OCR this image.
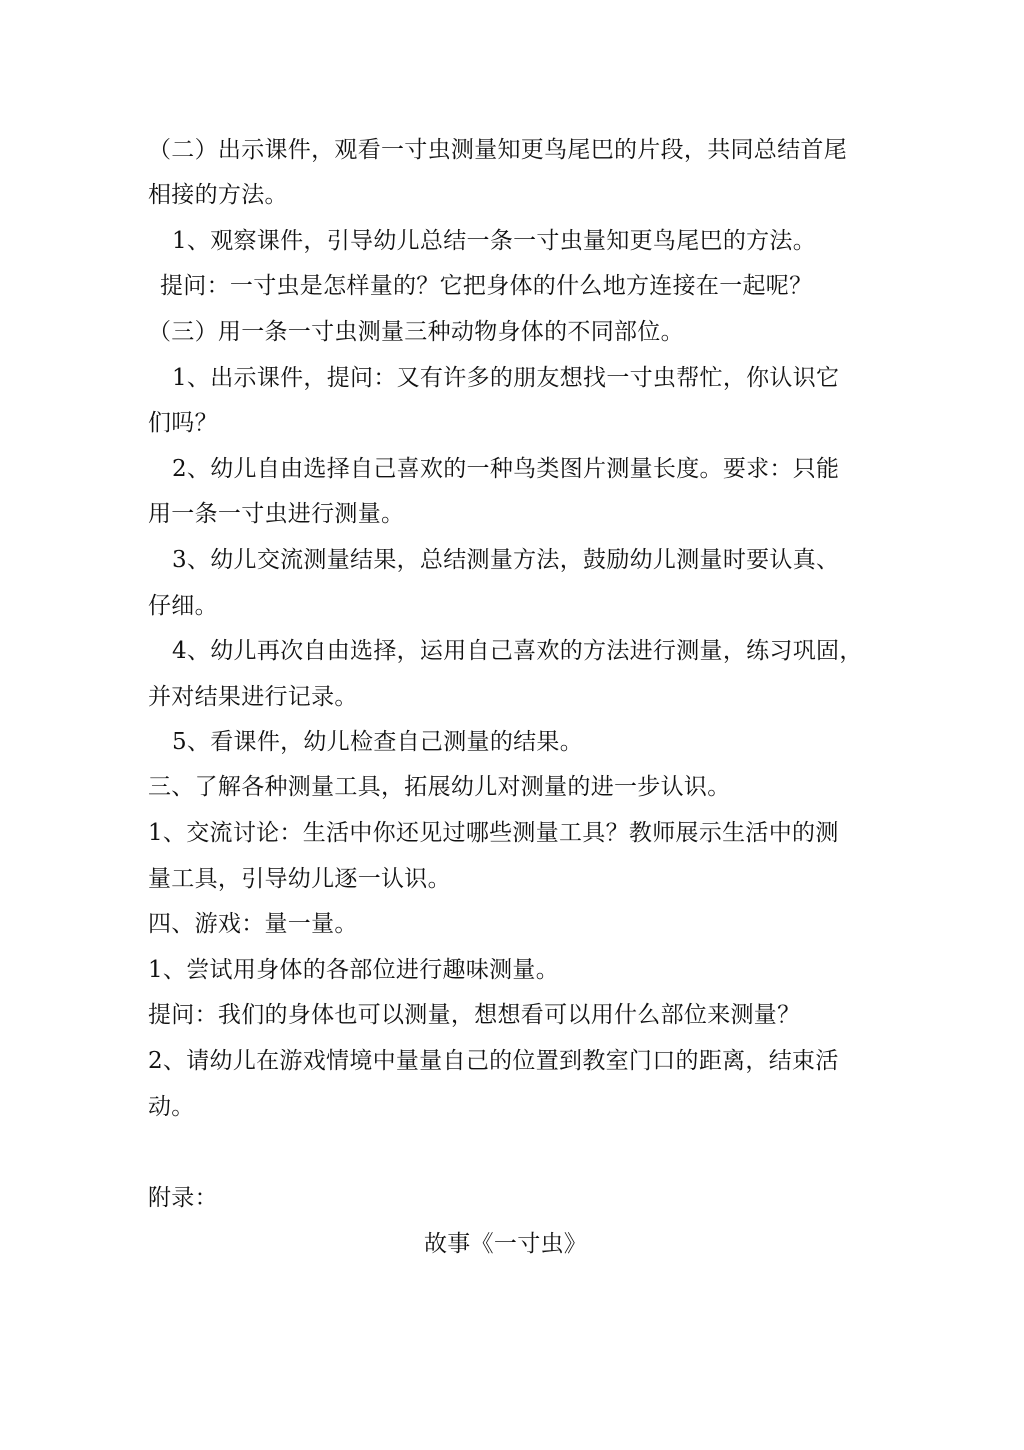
（二）出示课件，观看一寸虫测量知更鸟尾巴的片段，共同总结首尾
相接的方法。
1、观察课件，引导幼儿总结一条一寸虫量知更鸟尾巴的方法。
提问：一寸虫是怎样量的？它把身体的什么地方连接在一起呢？
（三）用一条一寸虫测量三种动物身体的不同部位。
1、出示课件，提问：又有许多的朋友想找一寸虫帮忙，你认识它
们吗？
2、幼儿自由选择自己喜欢的一种鸟类图片测量长度。要求：只能
用一条一寸虫进行测量。
3、幼儿交流测量结果，总结测量方法，鼓励幼儿测量时要认真、
仔细。
4、幼儿再次自由选择，运用自己喜欢的方法进行测量，练习巩固，
并对结果进行记录。
5、看课件，幼儿检查自己测量的结果。
三、了解各种测量工具，拓展幼儿对测量的进一步认识。
1、交流讨论：生活中你还见过哪些测量工具？教师展示生活中的测
量工具，引导幼儿逐一认识。
四、游戏：量一量。
1、尝试用身体的各部位进行趣味测量。
提问：我们的身体也可以测量，想想看可以用什么部位来测量？
2、请幼儿在游戏情境中量量自己的位置到教室门口的距离，结束活
动。
附录：
故事《一寸虫》
